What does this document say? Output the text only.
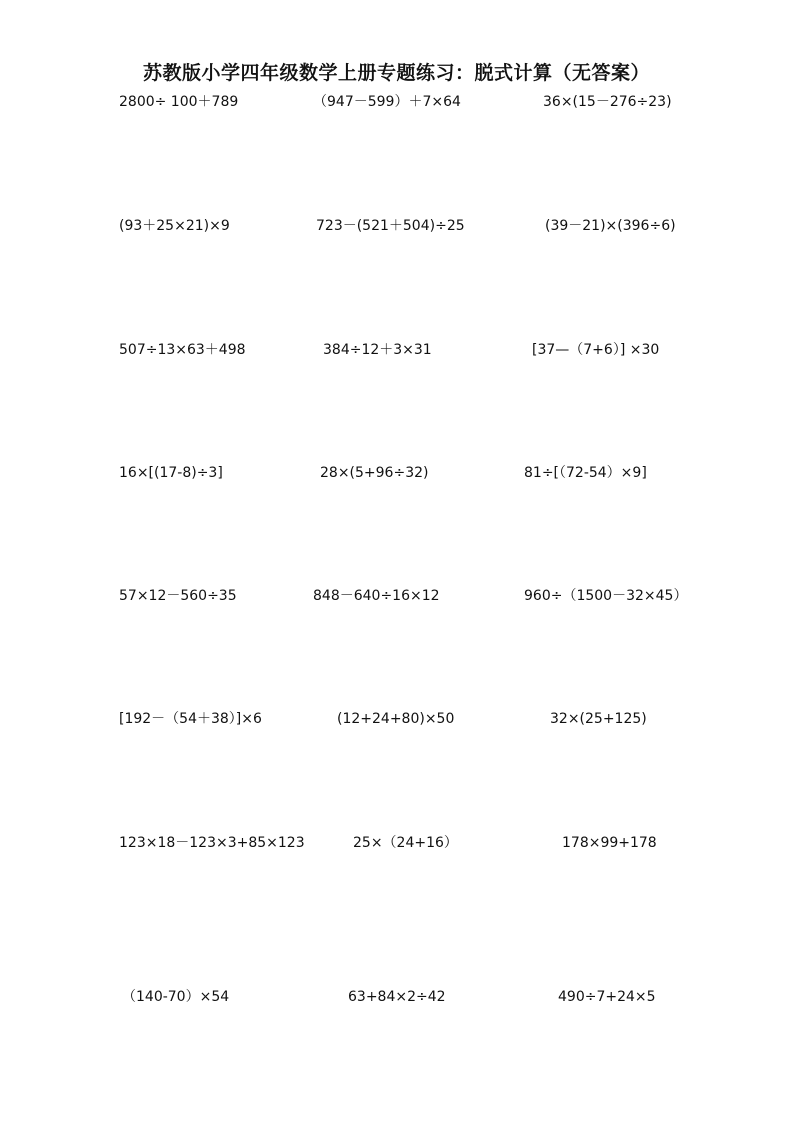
苏教版小学四年级数学上册专题练习：脱式计算（无答案）
2800÷ 100＋789	（947－599）＋7×64	36×(15－276÷23)
(93＋25×21)×9	723－(521＋504)÷25	(39－21)×(396÷6)
507÷13×63＋498	384÷12＋3×31	[37—（7+6）] ×30
16×[(17-8)÷3]	28×(5+96÷32)	81÷[（72-54）×9]
57×12－560÷35	848－640÷16×12	960÷（1500－32×45）
[192－（54＋38）]×6	(12+24+80)×50	32×(25+125)
123×18－123×3+85×123	25×（24+16）	178×99+178
（140-70）×54	63+84×2÷42	490÷7+24×5
